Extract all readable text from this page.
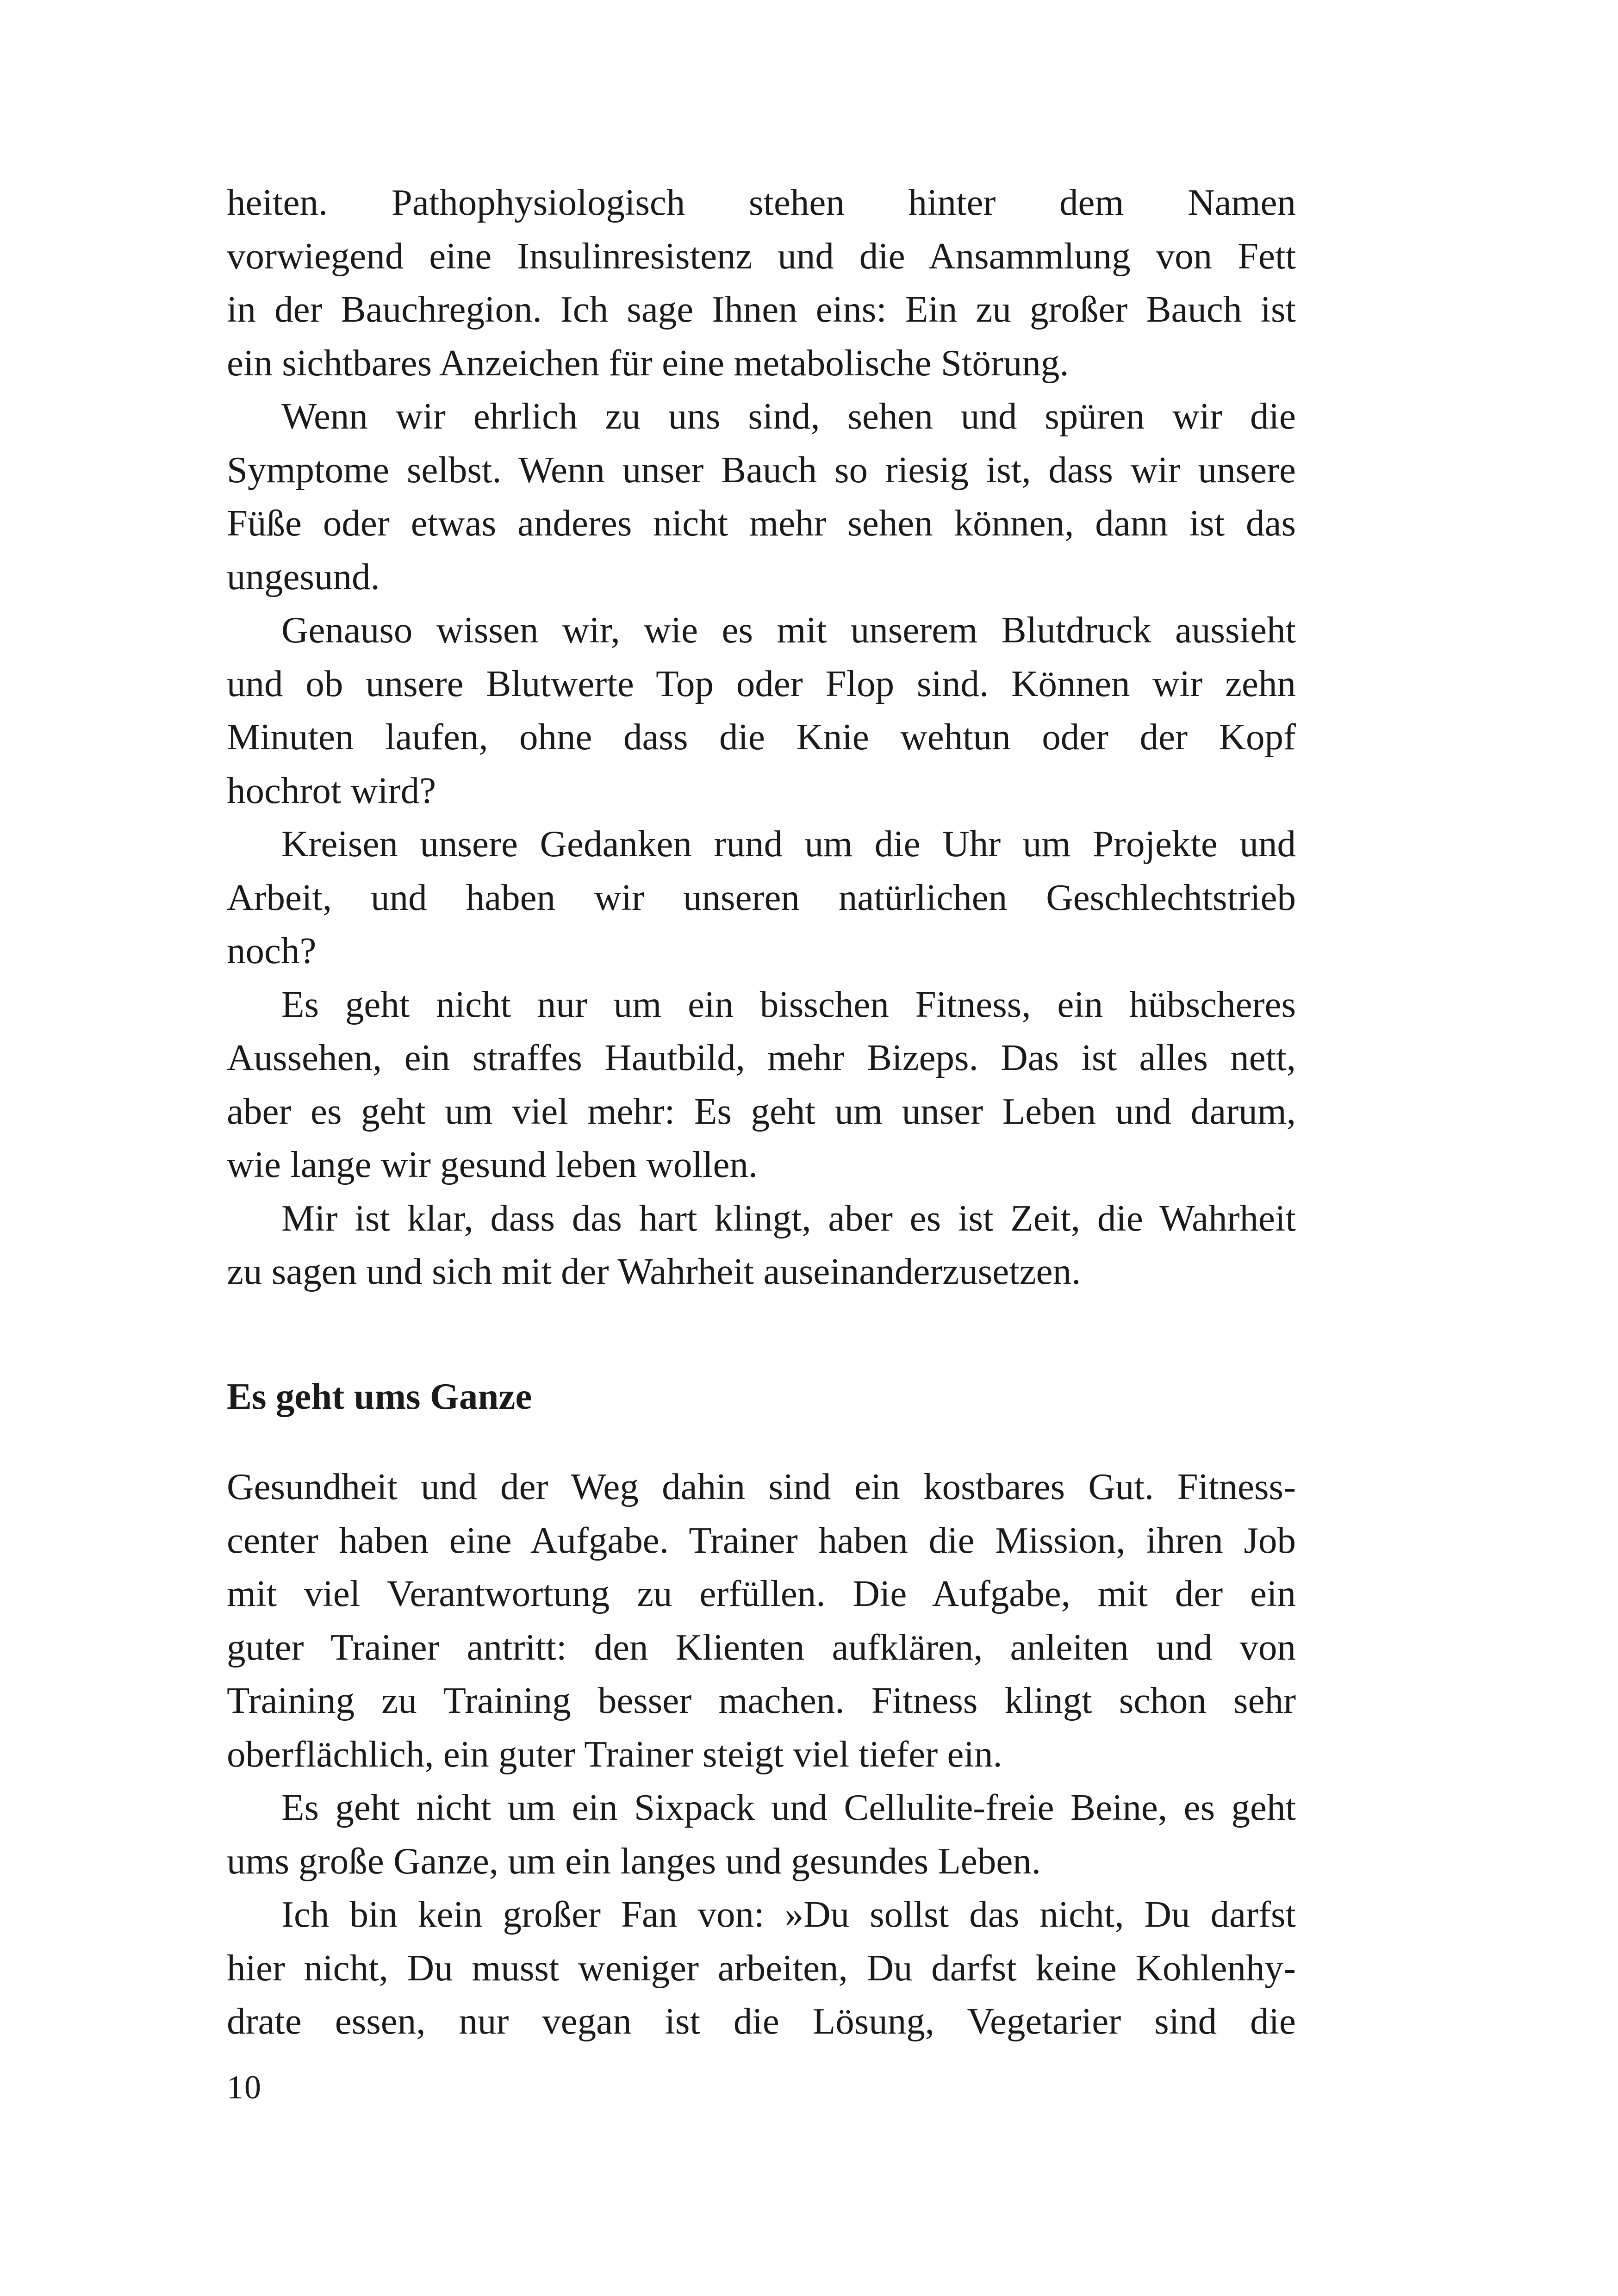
heiten. Pathophysiologisch stehen hinter dem Namen
vorwiegend eine Insulinresistenz und die Ansammlung von Fett
in der Bauchregion. Ich sage Ihnen eins: Ein zu großer Bauch ist
ein sichtbares Anzeichen für eine metabolische Störung.
Wenn wir ehrlich zu uns sind, sehen und spüren wir die
Symptome selbst. Wenn unser Bauch so riesig ist, dass wir unsere
Füße oder etwas anderes nicht mehr sehen können, dann ist das
ungesund.
Genauso wissen wir, wie es mit unserem Blutdruck aussieht
und ob unsere Blutwerte Top oder Flop sind. Können wir zehn
Minuten laufen, ohne dass die Knie wehtun oder der Kopf
hochrot wird?
Kreisen unsere Gedanken rund um die Uhr um Projekte und
Arbeit, und haben wir unseren natürlichen Geschlechtstrieb
noch?
Es geht nicht nur um ein bisschen Fitness, ein hübscheres
Aussehen, ein straffes Hautbild, mehr Bizeps. Das ist alles nett,
aber es geht um viel mehr: Es geht um unser Leben und darum,
wie lange wir gesund leben wollen.
Mir ist klar, dass das hart klingt, aber es ist Zeit, die Wahrheit
zu sagen und sich mit der Wahrheit auseinanderzusetzen.
Es geht ums Ganze
Gesundheit und der Weg dahin sind ein kostbares Gut. Fitness-
center haben eine Aufgabe. Trainer haben die Mission, ihren Job
mit viel Verantwortung zu erfüllen. Die Aufgabe, mit der ein
guter Trainer antritt: den Klienten aufklären, anleiten und von
Training zu Training besser machen. Fitness klingt schon sehr
oberflächlich, ein guter Trainer steigt viel tiefer ein.
Es geht nicht um ein Sixpack und Cellulite-freie Beine, es geht
ums große Ganze, um ein langes und gesundes Leben.
Ich bin kein großer Fan von: »Du sollst das nicht, Du darfst
hier nicht, Du musst weniger arbeiten, Du darfst keine Kohlenhy-
drate essen, nur vegan ist die Lösung, Vegetarier sind die
10
